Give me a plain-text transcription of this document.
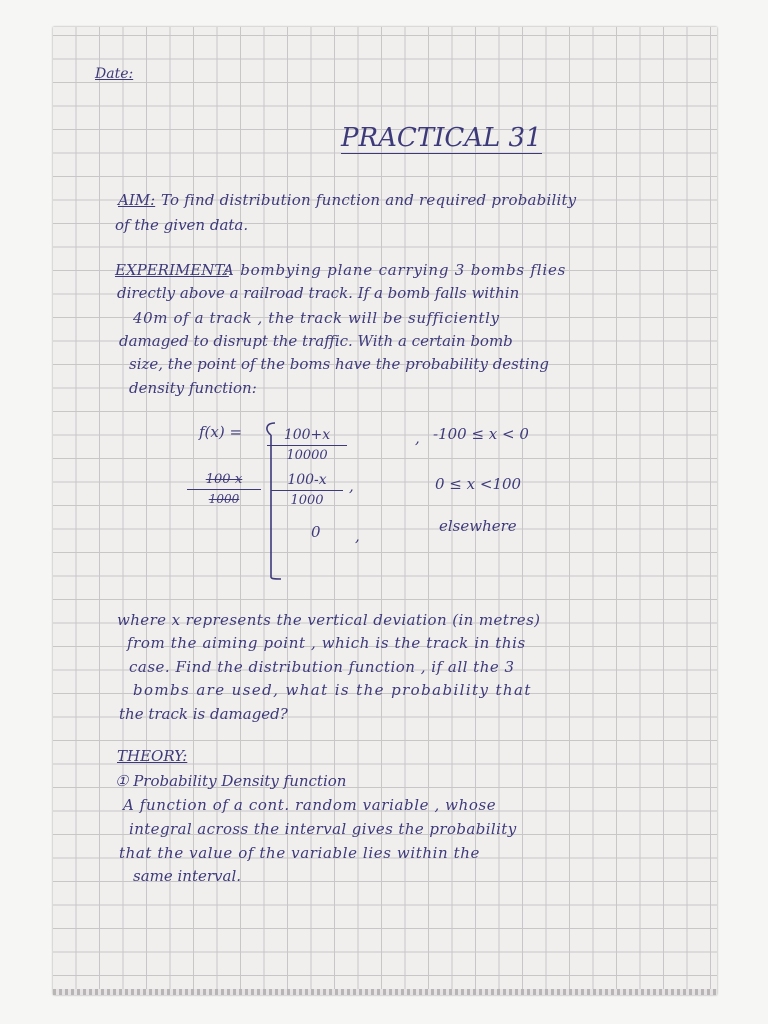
Date:
PRACTICAL 31
AIM: To find distribution function and required probability
of the given data.
EXPERIMENT:
A bombying plane carrying 3 bombs flies
directly above a railroad track. If a bomb falls within
40m of a track , the track will be sufficiently
damaged to disrupt the traffic. With a certain bomb
size, the point of the boms have the probability desting
density function:
$f(x) = \frac{100+x}{10000}$	, -100 ≤ x < 0
$\frac{100-x}{1000} \frac{100-x}{1000}$ ,	0 ≤ x <100
0 ,
elsewhere
where x represents the vertical deviation (in metres)
from the aiming point , which is the track in this
case. Find the distribution function , if all the 3
bombs are used, what is the probability that
the track is damaged?
THEORY:
① Probability Density function
A function of a cont. random variable , whose
integral across the interval gives the probability
that the value of the variable lies within the
same interval.
